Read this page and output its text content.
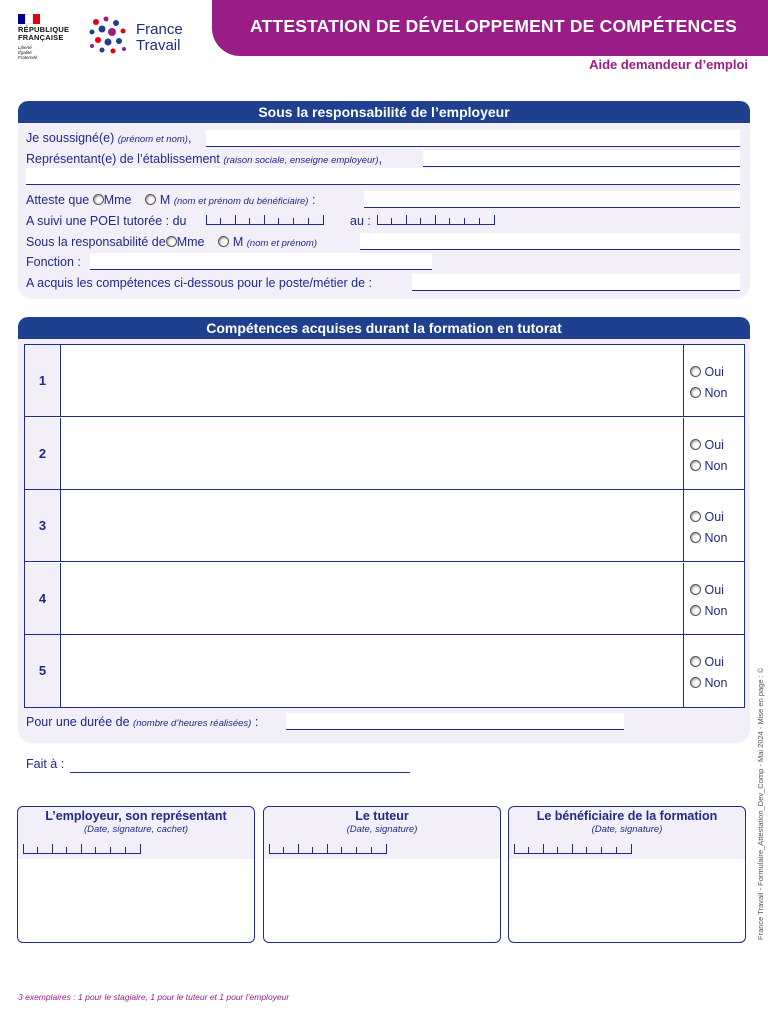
RÉPUBLIQUE
FRANÇAISE
Liberté
Égalité
Fraternité
France
Travail
ATTESTATION DE DÉVELOPPEMENT DE COMPÉTENCES
Aide demandeur d’emploi
Sous la responsabilité de l’employeur
Je soussigné(e) (prénom et nom),
Représentant(e) de l’établissement (raison sociale, enseigne employeur),
Atteste que Mme M (nom et prénom du bénéficiaire) :
A suivi une POEI tutorée : du	au :
Sous la responsabilité de Mme M (nom et prénom)
Fonction :
A acquis les compétences ci-dessous pour le poste/métier de :
Compétences acquises durant la formation en tutorat
Pour une durée de (nombre d’heures réalisées) :
1
Oui
Non
2
Oui
Non
3
Oui
Non
4
Oui
Non
5
Oui
Non
Fait à :
L’employeur, son représentant
(Date, signature, cachet)
Le tuteur
(Date, signature)
Le bénéficiaire de la formation
(Date, signature)	France Travail - Formulaire_Attestation_Dev_Comp - Mai 2024 - Mise en page : ©
3 exemplaires : 1 pour le stagiaire, 1 pour le tuteur et 1 pour l’employeur
